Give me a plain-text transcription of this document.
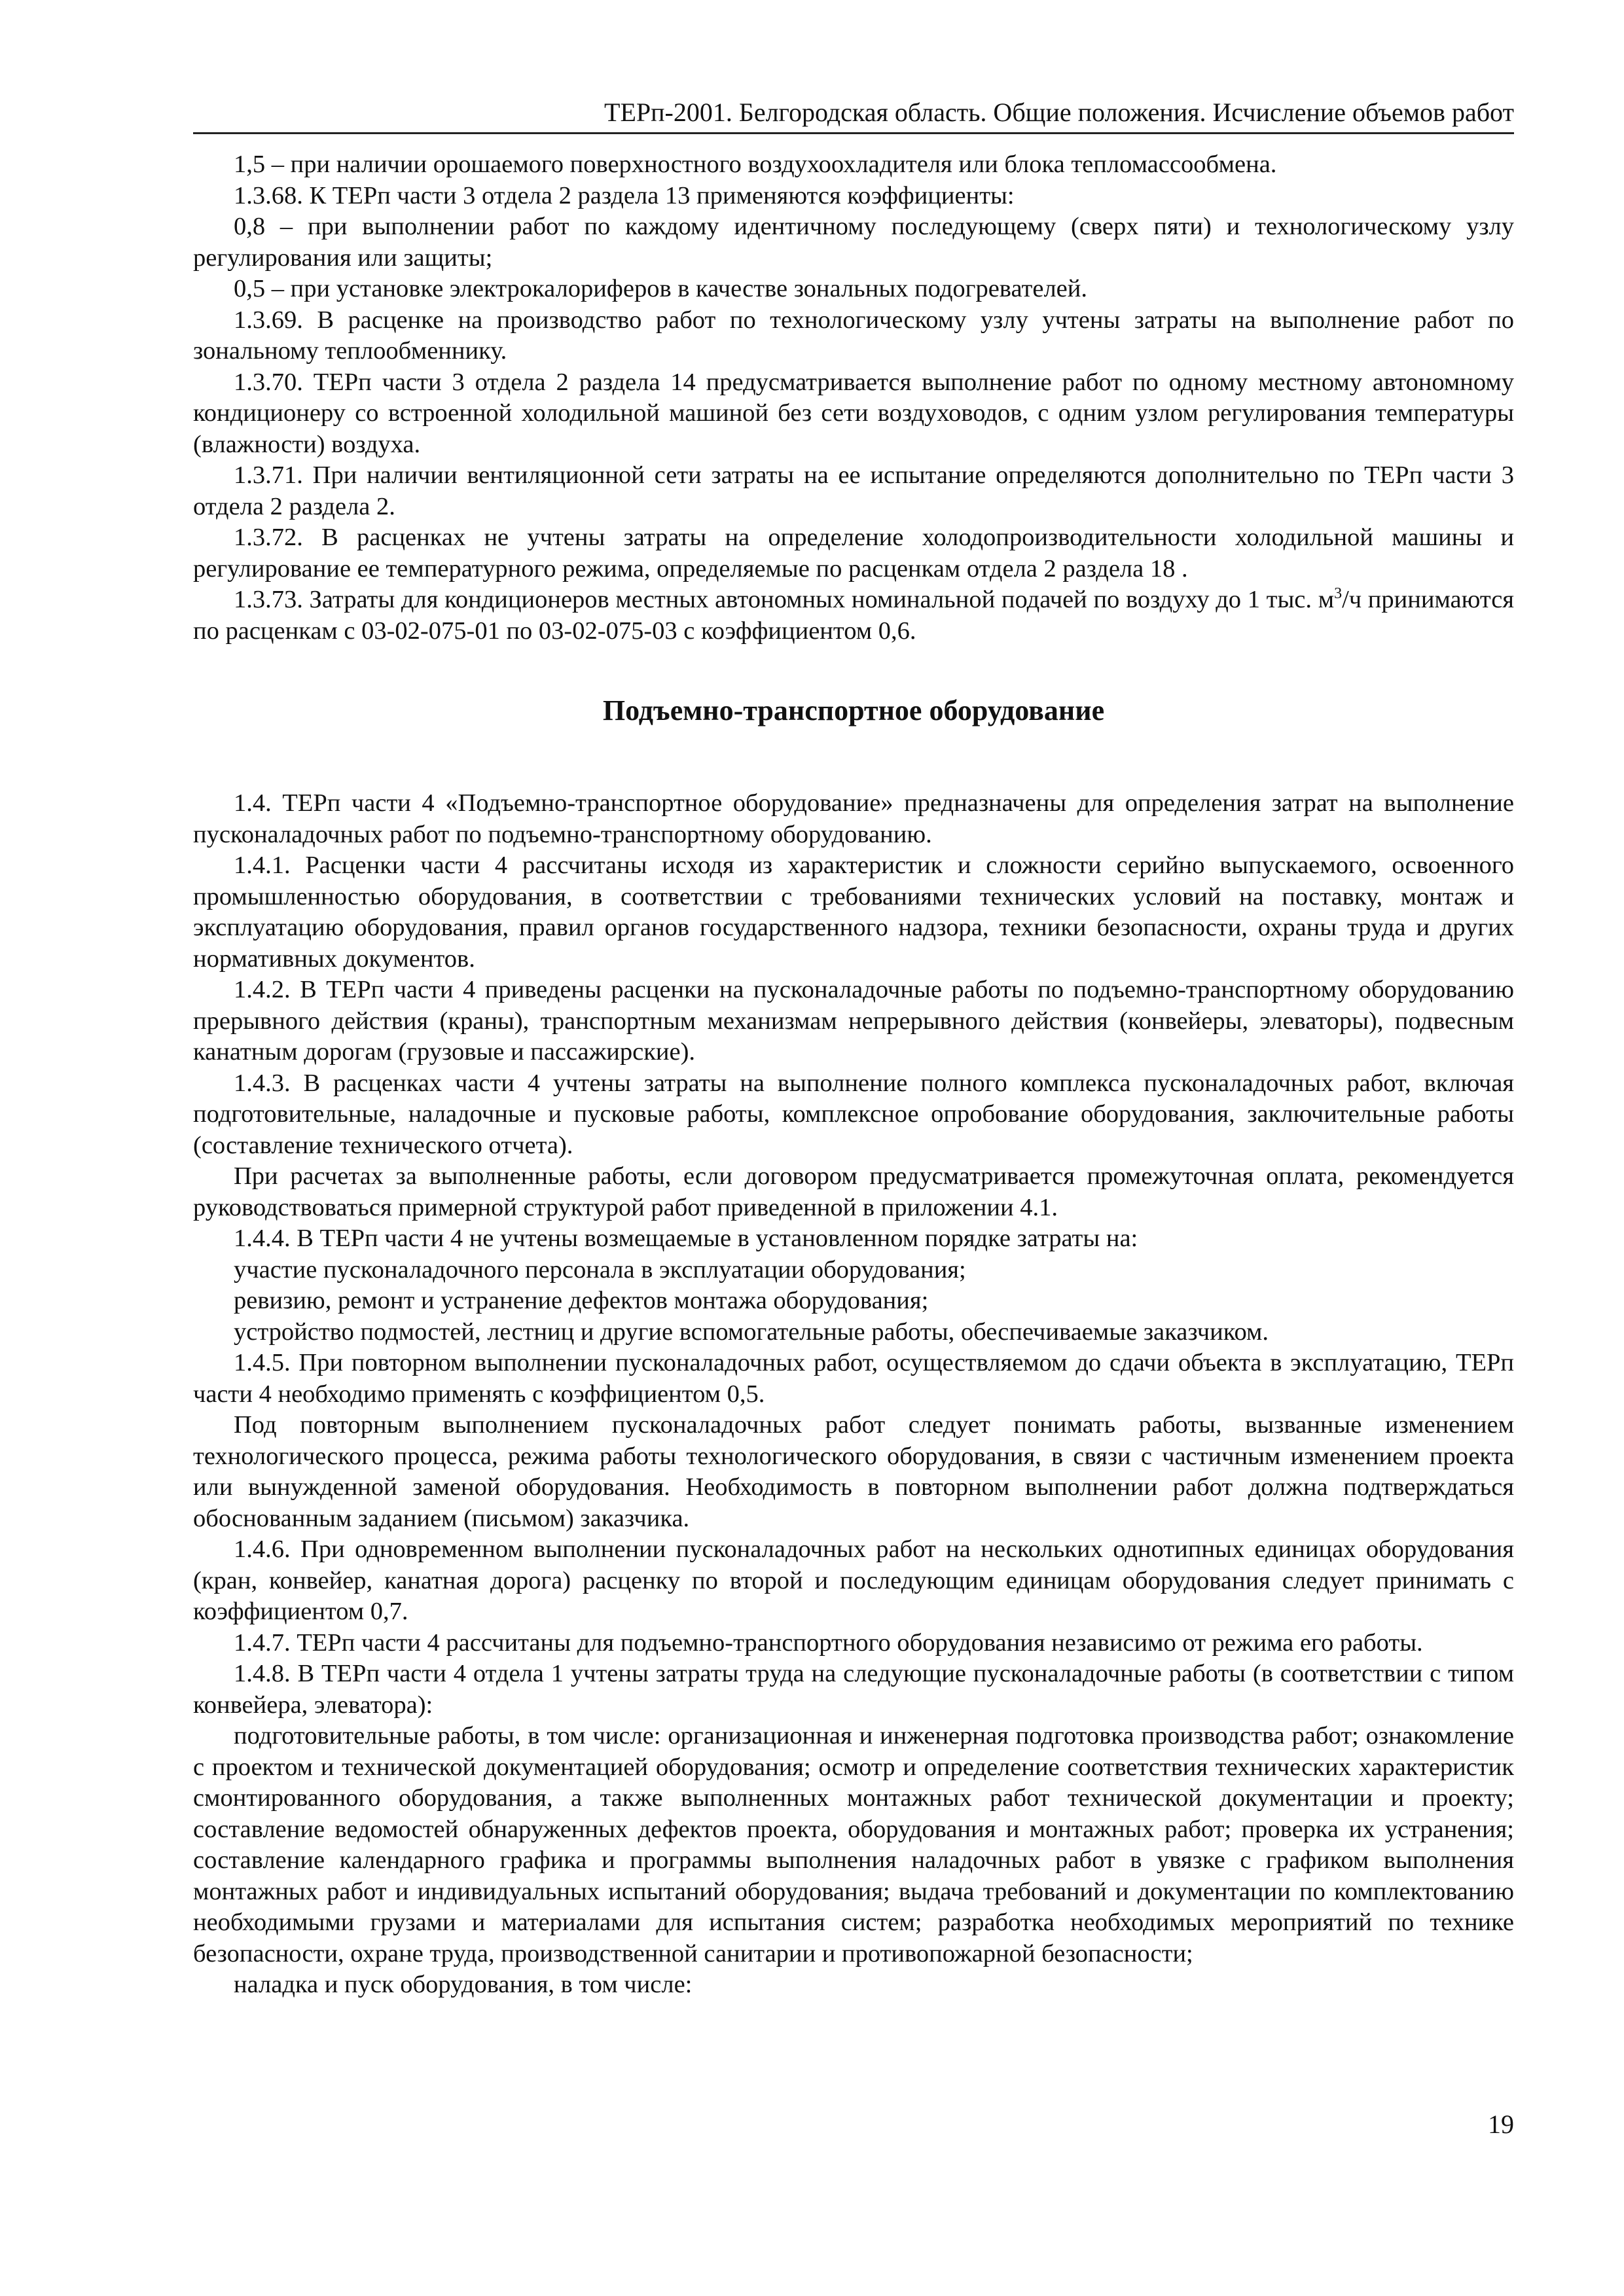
ТЕРп-2001. Белгородская область. Общие положения. Исчисление объемов работ

1,5 – при наличии орошаемого поверхностного воздухоохладителя или блока тепломассообмена.

1.3.68. К ТЕРп части 3 отдела 2 раздела 13 применяются коэффициенты:

0,8 – при выполнении работ по каждому идентичному последующему (сверх пяти) и технологическому узлу регулирования или защиты;

0,5 – при установке электрокалориферов в качестве зональных подогревателей.

1.3.69. В расценке на производство работ по технологическому узлу учтены затраты на выполнение работ по зональному теплообменнику.

1.3.70. ТЕРп части 3 отдела 2 раздела 14 предусматривается выполнение работ по одному местному автономному кондиционеру со встроенной холодильной машиной без сети воздуховодов, с одним узлом регулирования температуры (влажности) воздуха.

1.3.71. При наличии вентиляционной сети затраты на ее испытание определяются дополнительно по ТЕРп части 3 отдела 2 раздела 2.

1.3.72. В расценках не учтены затраты на определение холодопроизводительности холодильной машины и регулирование ее температурного режима, определяемые по расценкам отдела 2 раздела 18 .

1.3.73. Затраты для кондиционеров местных автономных номинальной подачей по воздуху до 1 тыс. $м^3/ч$ принимаются по расценкам с 03-02-075-01 по 03-02-075-03 с коэффициентом 0,6.

Подъемно-транспортное оборудование

1.4. ТЕРп части 4 «Подъемно-транспортное оборудование» предназначены для определения затрат на выполнение пусконаладочных работ по подъемно-транспортному оборудованию.

1.4.1. Расценки части 4 рассчитаны исходя из характеристик и сложности серийно выпускаемого, освоенного промышленностью оборудования, в соответствии с требованиями технических условий на поставку, монтаж и эксплуатацию оборудования, правил органов государственного надзора, техники безопасности, охраны труда и других нормативных документов.

1.4.2. В ТЕРп части 4 приведены расценки на пусконаладочные работы по подъемно-транспортному оборудованию прерывного действия (краны), транспортным механизмам непрерывного действия (конвейеры, элеваторы), подвесным канатным дорогам (грузовые и пассажирские).

1.4.3. В расценках части 4 учтены затраты на выполнение полного комплекса пусконаладочных работ, включая подготовительные, наладочные и пусковые работы, комплексное опробование оборудования, заключительные работы (составление технического отчета).

При расчетах за выполненные работы, если договором предусматривается промежуточная оплата, рекомендуется руководствоваться примерной структурой работ приведенной в приложении 4.1.

1.4.4. В ТЕРп части 4 не учтены возмещаемые в установленном порядке затраты на:

участие пусконаладочного персонала в эксплуатации оборудования;

ревизию, ремонт и устранение дефектов монтажа оборудования;

устройство подмостей, лестниц и другие вспомогательные работы, обеспечиваемые заказчиком.

1.4.5. При повторном выполнении пусконаладочных работ, осуществляемом до сдачи объекта в эксплуатацию, ТЕРп части 4 необходимо применять с коэффициентом 0,5.

Под повторным выполнением пусконаладочных работ следует понимать работы, вызванные изменением технологического процесса, режима работы технологического оборудования, в связи с частичным изменением проекта или вынужденной заменой оборудования. Необходимость в повторном выполнении работ должна подтверждаться обоснованным заданием (письмом) заказчика.

1.4.6. При одновременном выполнении пусконаладочных работ на нескольких однотипных единицах оборудования (кран, конвейер, канатная дорога) расценку по второй и последующим единицам оборудования следует принимать с коэффициентом 0,7.

1.4.7. ТЕРп части 4 рассчитаны для подъемно-транспортного оборудования независимо от режима его работы.

1.4.8. В ТЕРп части 4 отдела 1 учтены затраты труда на следующие пусконаладочные работы (в соответствии с типом конвейера, элеватора):

подготовительные работы, в том числе: организационная и инженерная подготовка производства работ; ознакомление с проектом и технической документацией оборудования; осмотр и определение соответствия технических характеристик смонтированного оборудования, а также выполненных монтажных работ технической документации и проекту; составление ведомостей обнаруженных дефектов проекта, оборудования и монтажных работ; проверка их устранения; составление календарного графика и программы выполнения наладочных работ в увязке с графиком выполнения монтажных работ и индивидуальных испытаний оборудования; выдача требований и документации по комплектованию необходимыми грузами и материалами для испытания систем; разработка необходимых мероприятий по технике безопасности, охране труда, производственной санитарии и противопожарной безопасности;

наладка и пуск оборудования, в том числе:

19
